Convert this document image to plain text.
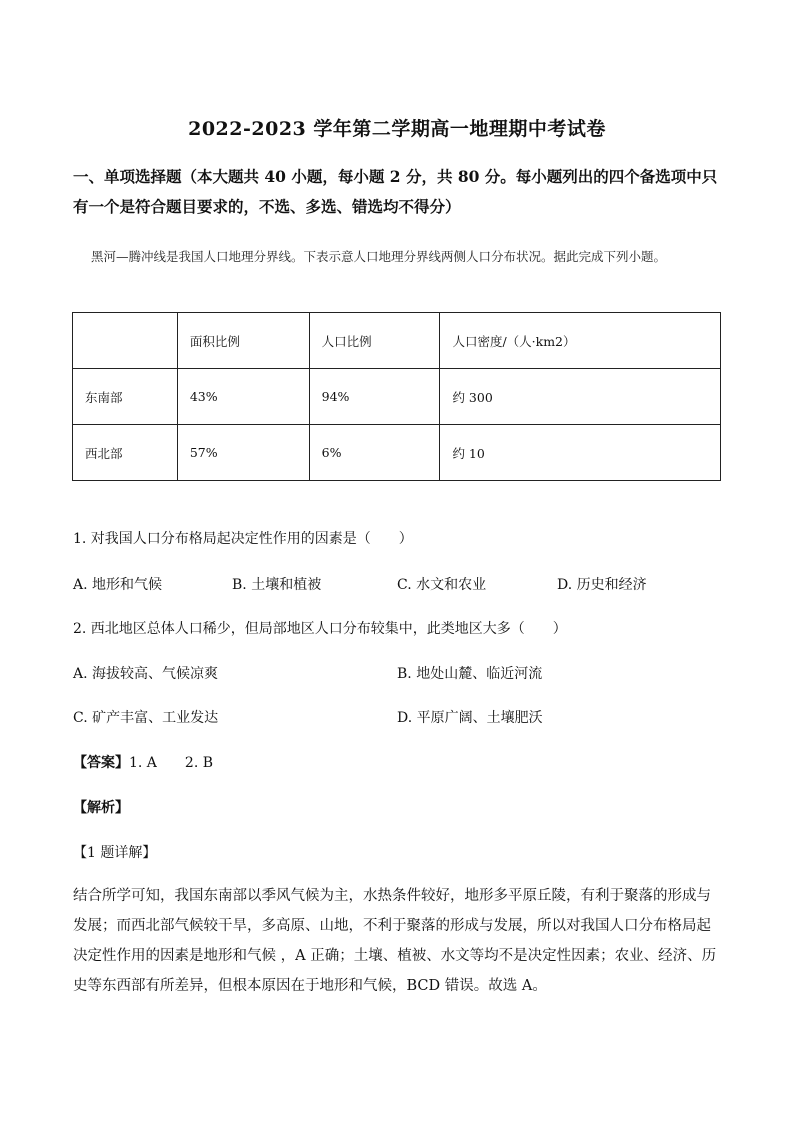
2022-2023 学年第二学期高一地理期中考试卷
一、单项选择题（本大题共 40 小题，每小题 2 分，共 80 分。每小题列出的四个备选项中只有一个是符合题目要求的，不选、多选、错选均不得分）
黑河—腾冲线是我国人口地理分界线。下表示意人口地理分界线两侧人口分布状况。据此完成下列小题。
	面积比例	人口比例	人口密度/（人·km2）
东南部	43%	94%	约 300
西北部	57%	6%	约 10
1. 对我国人口分布格局起决定性作用的因素是（　　）
A. 地形和气候	B. 土壤和植被	C. 水文和农业	D. 历史和经济
2. 西北地区总体人口稀少，但局部地区人口分布较集中，此类地区大多（　　）
A. 海拔较高、气候凉爽	B. 地处山麓、临近河流
C. 矿产丰富、工业发达	D. 平原广阔、土壤肥沃
【答案】1. A　　2. B
【解析】
【1 题详解】
结合所学可知，我国东南部以季风气候为主，水热条件较好，地形多平原丘陵，有利于聚落的形成与发展；而西北部气候较干旱，多高原、山地，不利于聚落的形成与发展，所以对我国人口分布格局起决定性作用的因素是地形和气候 ，A 正确；土壤、植被、水文等均不是决定性因素；农业、经济、历史等东西部有所差异，但根本原因在于地形和气候，BCD 错误。故选 A。
